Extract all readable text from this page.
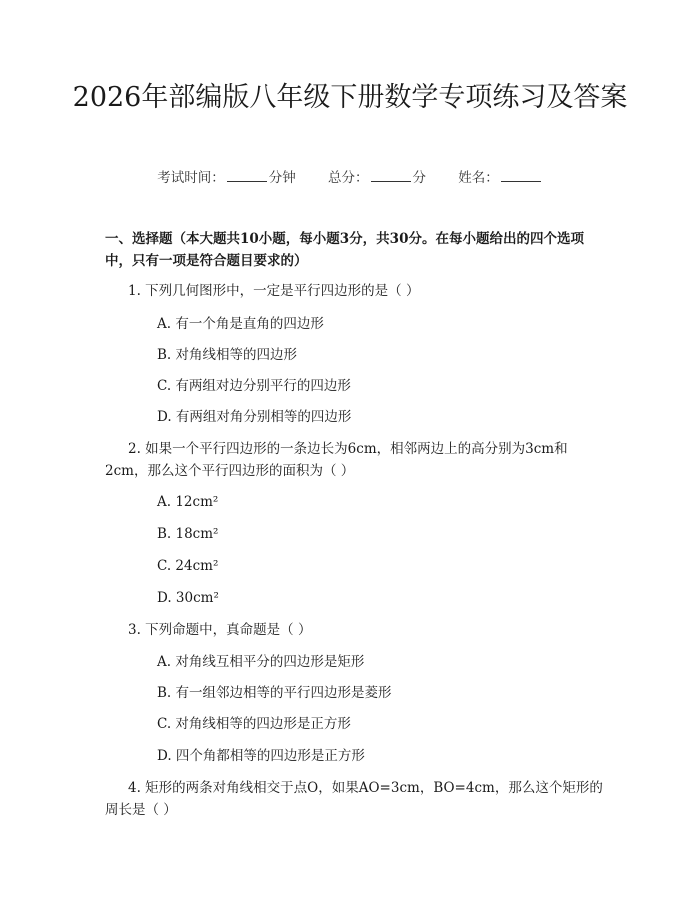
2026年部编版八年级下册数学专项练习及答案
考试时间：	分钟 总分：	分 姓名：
一、选择题（本大题共10小题，每小题3分，共30分。在每小题给出的四个选项中，只有一项是符合题目要求的）
1. 下列几何图形中，一定是平行四边形的是（ ）
A. 有一个角是直角的四边形
B. 对角线相等的四边形
C. 有两组对边分别平行的四边形
D. 有两组对角分别相等的四边形
2. 如果一个平行四边形的一条边长为6cm，相邻两边上的高分别为3cm和2cm，那么这个平行四边形的面积为（ ）
A. 12cm²
B. 18cm²
C. 24cm²
D. 30cm²
3. 下列命题中，真命题是（ ）
A. 对角线互相平分的四边形是矩形
B. 有一组邻边相等的平行四边形是菱形
C. 对角线相等的四边形是正方形
D. 四个角都相等的四边形是正方形
4. 矩形的两条对角线相交于点O，如果AO=3cm，BO=4cm，那么这个矩形的周长是（ ）
